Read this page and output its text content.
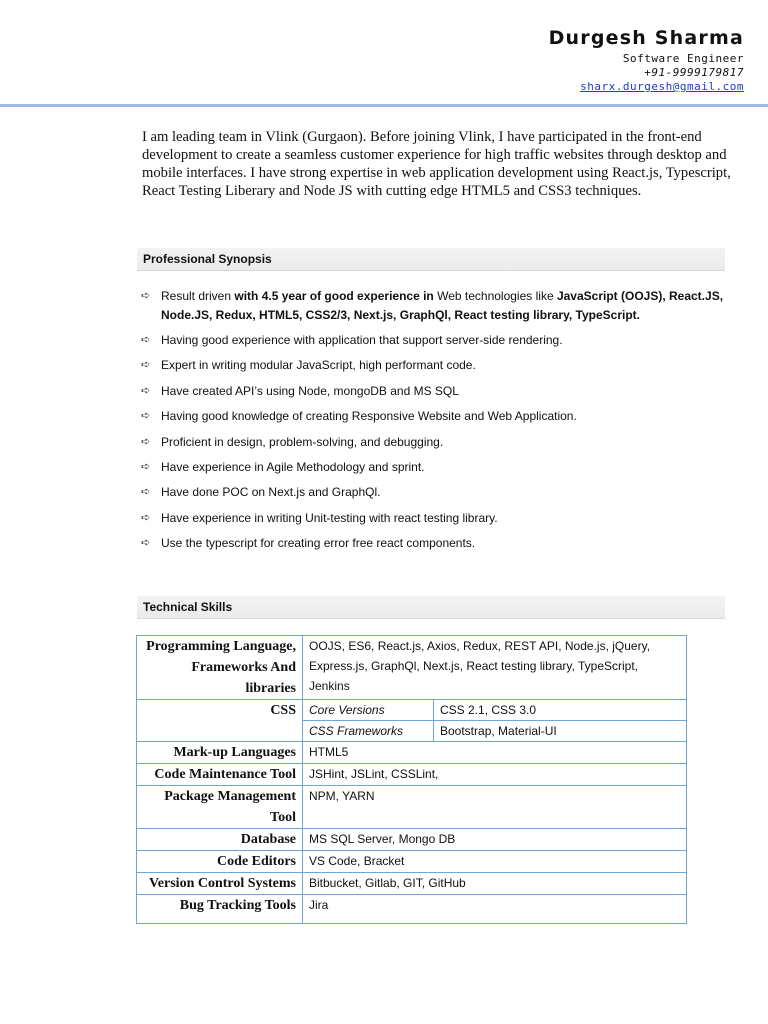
Durgesh Sharma
Software Engineer
+91-9999179817
sharx.durgesh@gmail.com
I am leading team in Vlink (Gurgaon). Before joining Vlink, I have participated in the front-end development to create a seamless customer experience for high traffic websites through desktop and mobile interfaces. I have strong expertise in web application development using React.js, Typescript, React Testing Liberary and Node JS with cutting edge HTML5 and CSS3 techniques.
Professional Synopsis
➪ Result driven with 4.5 year of good experience in Web technologies like JavaScript (OOJS), React.JS, Node.JS, Redux, HTML5, CSS2/3, Next.js, GraphQl, React testing library, TypeScript.
➪ Having good experience with application that support server-side rendering.
➪ Expert in writing modular JavaScript, high performant code.
➪ Have created API’s using Node, mongoDB and MS SQL
➪ Having good knowledge of creating Responsive Website and Web Application.
➪ Proficient in design, problem-solving, and debugging.
➪ Have experience in Agile Methodology and sprint.
➪ Have done POC on Next.js and GraphQl.
➪ Have experience in writing Unit-testing with react testing library.
➪ Use the typescript for creating error free react components.
Technical Skills
Programming Language, Frameworks And libraries	OOJS, ES6, React.js, Axios, Redux, REST API, Node.js, jQuery, Express.js, GraphQl, Next.js, React testing library, TypeScript, Jenkins	
CSS	Core Versions	CSS 2.1, CSS 3.0
	CSS Frameworks	Bootstrap, Material-UI
Mark-up Languages	HTML5	
Code Maintenance Tool	JSHint, JSLint, CSSLint,	
Package Management Tool	NPM, YARN	
Database	MS SQL Server, Mongo DB	
Code Editors	VS Code, Bracket	
Version Control Systems	Bitbucket, Gitlab, GIT, GitHub	
Bug Tracking Tools	Jira	
